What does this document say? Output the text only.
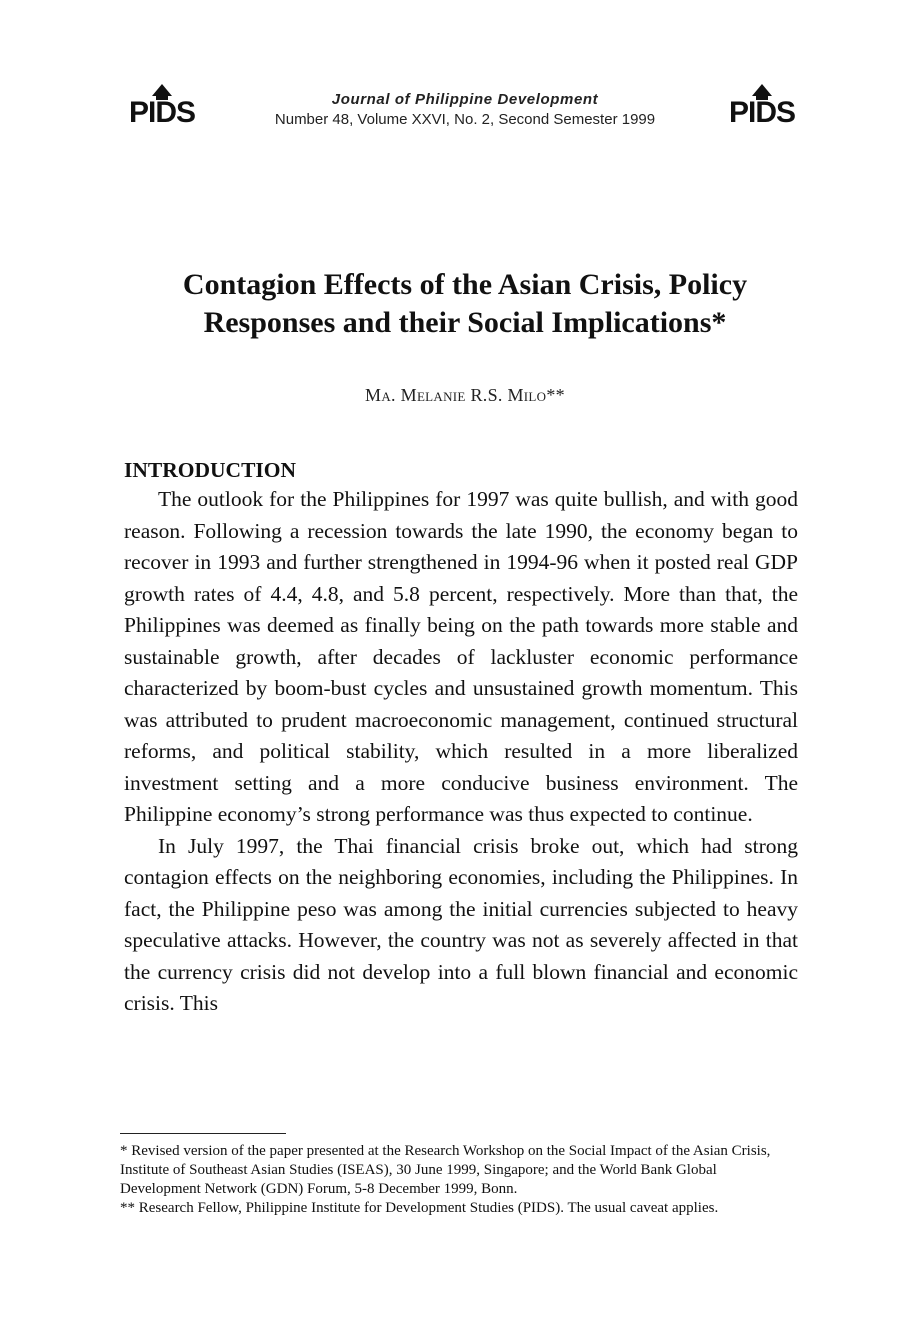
PIDS	Journal of Philippine Development
Number 48, Volume XXVI, No. 2, Second Semester 1999	PIDS
Contagion Effects of the Asian Crisis, Policy
Responses and their Social Implications*
Ma. Melanie R.S. Milo**
INTRODUCTION

The outlook for the Philippines for 1997 was quite bullish, and with good reason. Following a recession towards the late 1990, the economy began to recover in 1993 and further strengthened in 1994-96 when it posted real GDP growth rates of 4.4, 4.8, and 5.8 percent, respectively. More than that, the Philippines was deemed as finally being on the path towards more stable and sustainable growth, after decades of lackluster economic performance characterized by boom-bust cycles and unsustained growth momentum. This was attributed to prudent macroeconomic management, continued structural reforms, and political stability, which resulted in a more liberalized investment setting and a more conducive business environment. The Philippine economy’s strong performance was thus expected to continue.

In July 1997, the Thai financial crisis broke out, which had strong contagion effects on the neighboring economies, including the Philippines. In fact, the Philippine peso was among the initial currencies subjected to heavy speculative attacks. However, the country was not as severely affected in that the currency crisis did not develop into a full blown financial and economic crisis. This

* Revised version of the paper presented at the Research Workshop on the Social Impact of the Asian Crisis, Institute of Southeast Asian Studies (ISEAS), 30 June 1999, Singapore; and the World Bank Global Development Network (GDN) Forum, 5-8 December 1999, Bonn.

** Research Fellow, Philippine Institute for Development Studies (PIDS). The usual caveat applies.
